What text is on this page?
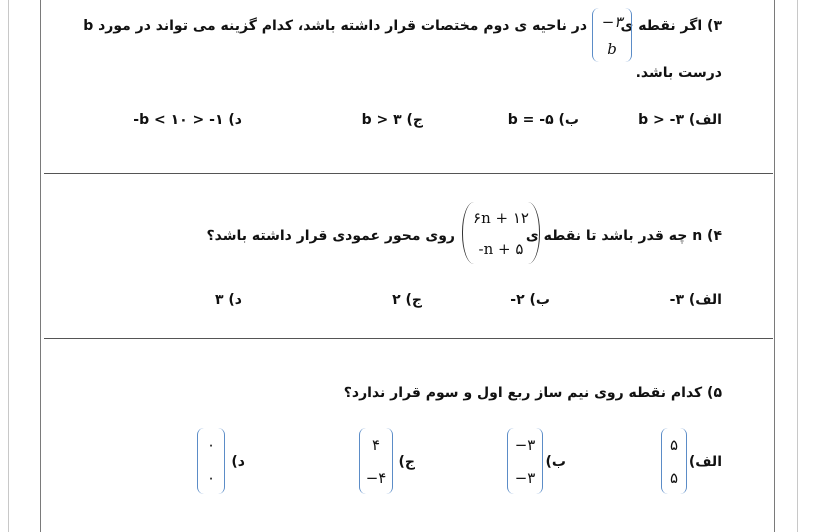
۳) اگر نقطه ی
−۳
b
در ناحیه ی دوم مختصات قرار داشته باشد، کدام گزینه می تواند در مورد b
درست باشد.
الف) ۳- < b
ب) ۵- = b
ج) ۳ < b
د) ۱- < b < ۱۰-
۴) n چه قدر باشد تا نقطه ی
۶n + ۱۲
-n + ۵
روی محور عمودی قرار داشته باشد؟
الف) ۳-
ب) ۲-
ج) ۲
د) ۳
۵) کدام نقطه روی نیم ساز ربع اول و سوم قرار ندارد؟
الف)
۵
۵
ب)
−۳
−۳
ج)
۴
−۴
د)
۰
۰
